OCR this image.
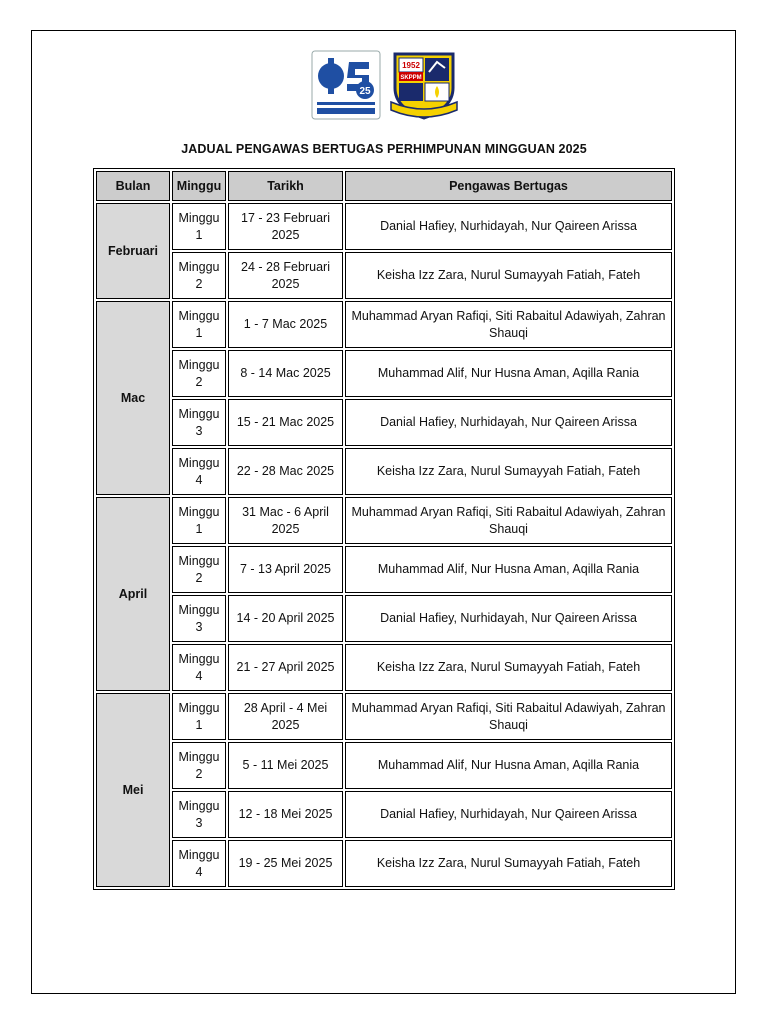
25
1952
SKPPM
JADUAL PENGAWAS BERTUGAS PERHIMPUNAN MINGGUAN 2025
Bulan	Minggu	Tarikh	Pengawas Bertugas
Februari	Minggu 1	17 - 23 Februari 2025	Danial Hafiey, Nurhidayah, Nur Qaireen Arissa
	Minggu 2	24 - 28 Februari 2025	Keisha Izz Zara, Nurul Sumayyah Fatiah, Fateh
Mac	Minggu 1	1 - 7 Mac 2025	Muhammad Aryan Rafiqi, Siti Rabaitul Adawiyah, Zahran Shauqi
	Minggu 2	8 - 14 Mac 2025	Muhammad Alif, Nur Husna Aman, Aqilla Rania
	Minggu 3	15 - 21 Mac 2025	Danial Hafiey, Nurhidayah, Nur Qaireen Arissa
	Minggu 4	22 - 28 Mac 2025	Keisha Izz Zara, Nurul Sumayyah Fatiah, Fateh
April	Minggu 1	31 Mac - 6 April 2025	Muhammad Aryan Rafiqi, Siti Rabaitul Adawiyah, Zahran Shauqi
	Minggu 2	7 - 13 April 2025	Muhammad Alif, Nur Husna Aman, Aqilla Rania
	Minggu 3	14 - 20 April 2025	Danial Hafiey, Nurhidayah, Nur Qaireen Arissa
	Minggu 4	21 - 27 April 2025	Keisha Izz Zara, Nurul Sumayyah Fatiah, Fateh
Mei	Minggu 1	28 April - 4 Mei 2025	Muhammad Aryan Rafiqi, Siti Rabaitul Adawiyah, Zahran Shauqi
	Minggu 2	5 - 11 Mei 2025	Muhammad Alif, Nur Husna Aman, Aqilla Rania
	Minggu 3	12 - 18 Mei 2025	Danial Hafiey, Nurhidayah, Nur Qaireen Arissa
	Minggu 4	19 - 25 Mei 2025	Keisha Izz Zara, Nurul Sumayyah Fatiah, Fateh
